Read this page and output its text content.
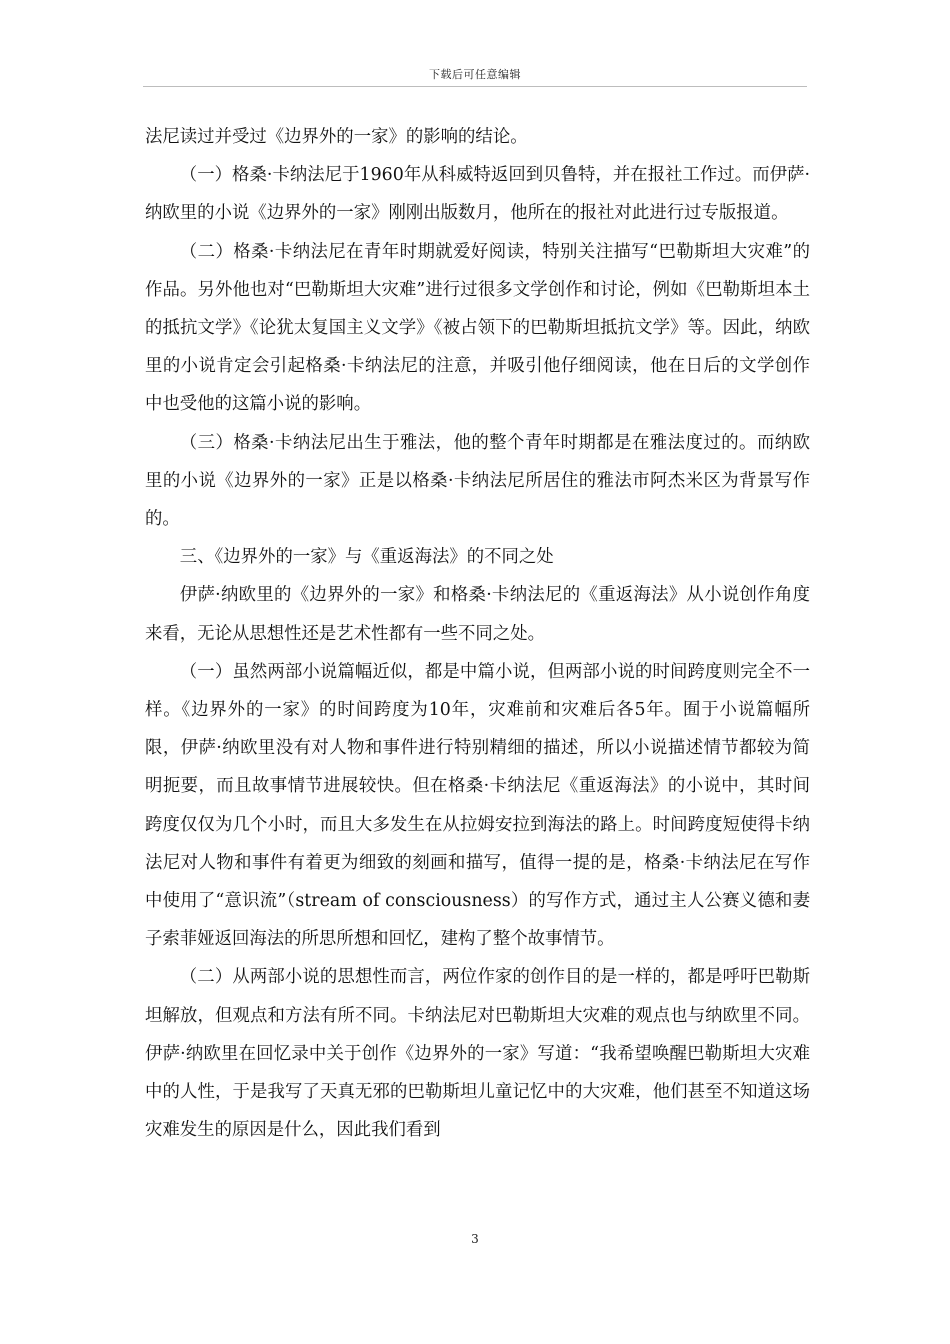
下载后可任意编辑

法尼读过并受过《边界外的一家》的影响的结论。

（一）格桑·卡纳法尼于1960年从科威特返回到贝鲁特，并在报社工作过。而伊萨·纳欧里的小说《边界外的一家》刚刚出版数月，他所在的报社对此进行过专版报道。

（二）格桑·卡纳法尼在青年时期就爱好阅读，特别关注描写“巴勒斯坦大灾难”的作品。另外他也对“巴勒斯坦大灾难”进行过很多文学创作和讨论，例如《巴勒斯坦本土的抵抗文学》《论犹太复国主义文学》《被占领下的巴勒斯坦抵抗文学》等。因此，纳欧里的小说肯定会引起格桑·卡纳法尼的注意，并吸引他仔细阅读，他在日后的文学创作中也受他的这篇小说的影响。

（三）格桑·卡纳法尼出生于雅法，他的整个青年时期都是在雅法度过的。而纳欧里的小说《边界外的一家》正是以格桑·卡纳法尼所居住的雅法市阿杰米区为背景写作的。

三、《边界外的一家》与《重返海法》的不同之处

伊萨·纳欧里的《边界外的一家》和格桑·卡纳法尼的《重返海法》从小说创作角度来看，无论从思想性还是艺术性都有一些不同之处。

（一）虽然两部小说篇幅近似，都是中篇小说，但两部小说的时间跨度则完全不一样。《边界外的一家》的时间跨度为10年，灾难前和灾难后各5年。囿于小说篇幅所限，伊萨·纳欧里没有对人物和事件进行特别精细的描述，所以小说描述情节都较为简明扼要，而且故事情节进展较快。但在格桑·卡纳法尼《重返海法》的小说中，其时间跨度仅仅为几个小时，而且大多发生在从拉姆安拉到海法的路上。时间跨度短使得卡纳法尼对人物和事件有着更为细致的刻画和描写，值得一提的是，格桑·卡纳法尼在写作中使用了“意识流”（stream of consciousness）的写作方式，通过主人公赛义德和妻子索菲娅返回海法的所思所想和回忆，建构了整个故事情节。

（二）从两部小说的思想性而言，两位作家的创作目的是一样的，都是呼吁巴勒斯坦解放，但观点和方法有所不同。卡纳法尼对巴勒斯坦大灾难的观点也与纳欧里不同。伊萨·纳欧里在回忆录中关于创作《边界外的一家》写道：“我希望唤醒巴勒斯坦大灾难中的人性，于是我写了天真无邪的巴勒斯坦儿童记忆中的大灾难，他们甚至不知道这场灾难发生的原因是什么，因此我们看到

3
